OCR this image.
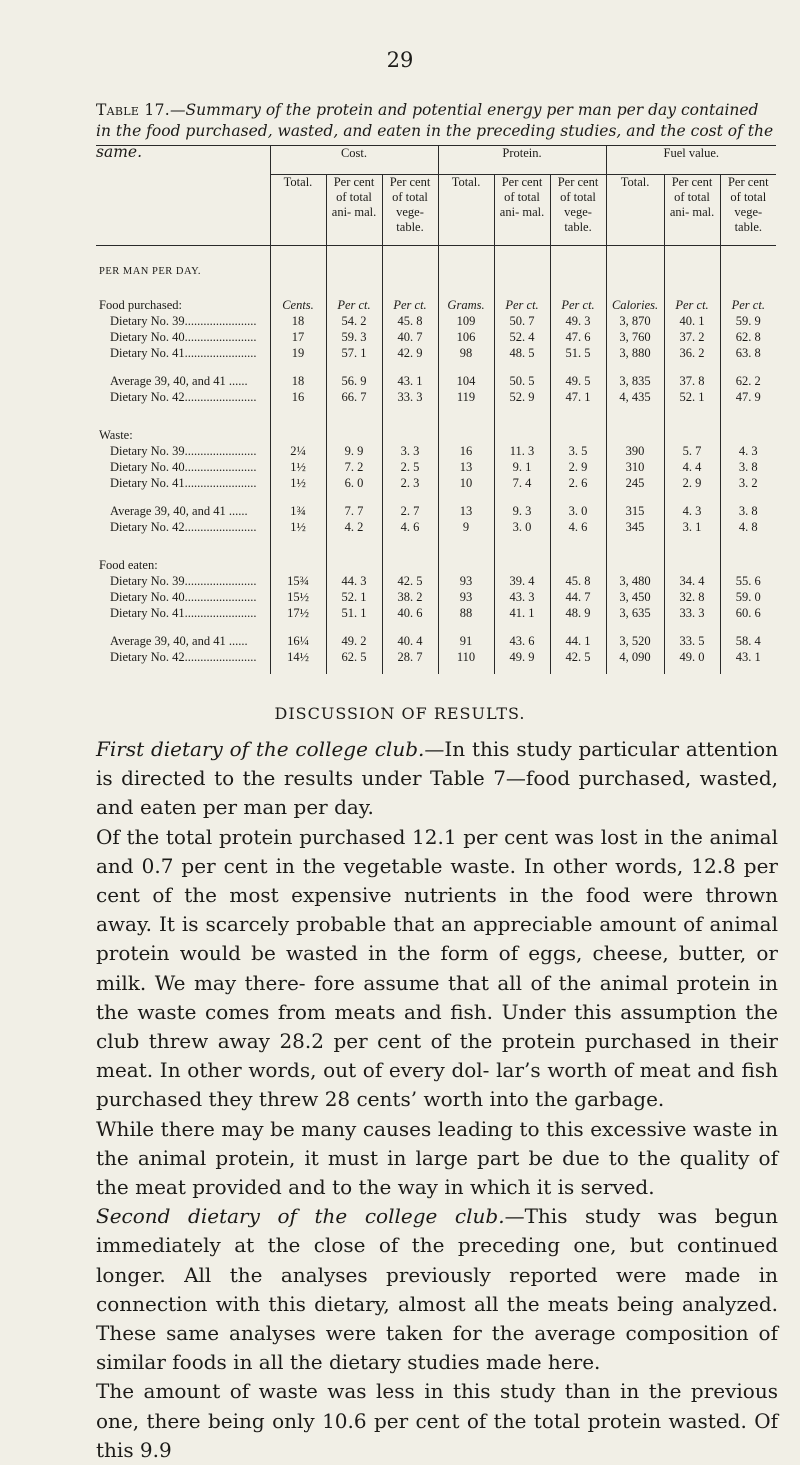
29
Table 17.—Summary of the protein and potential energy per man per day contained in the food purchased, wasted, and eaten in the preceding studies, and the cost of the same.
		Cost.			Protein.			Fuel value.		
	Total.	Per cent of total ani- mal.	Per cent of total vege- table.	Total.	Per cent of total ani- mal.	Per cent of total vege- table.	Total.	Per cent of total ani- mal.	Per cent of total vege- table.

PER MAN PER DAY.									

Food purchased:	Cents.	Per ct.	Per ct.	Grams.	Per ct.	Per ct.	Calories.	Per ct.	Per ct.
Dietary No. 39.......................	18	54. 2	45. 8	109	50. 7	49. 3	3, 870	40. 1	59. 9
Dietary No. 40.......................	17	59. 3	40. 7	106	52. 4	47. 6	3, 760	37. 2	62. 8
Dietary No. 41.......................	19	57. 1	42. 9	98	48. 5	51. 5	3, 880	36. 2	63. 8

Average 39, 40, and 41 ......	18	56. 9	43. 1	104	50. 5	49. 5	3, 835	37. 8	62. 2
Dietary No. 42.......................	16	66. 7	33. 3	119	52. 9	47. 1	4, 435	52. 1	47. 9

Waste:									
Dietary No. 39.......................	2¼	9. 9	3. 3	16	11. 3	3. 5	390	5. 7	4. 3
Dietary No. 40.......................	1½	7. 2	2. 5	13	9. 1	2. 9	310	4. 4	3. 8
Dietary No. 41.......................	1½	6. 0	2. 3	10	7. 4	2. 6	245	2. 9	3. 2

Average 39, 40, and 41 ......	1¾	7. 7	2. 7	13	9. 3	3. 0	315	4. 3	3. 8
Dietary No. 42.......................	1½	4. 2	4. 6	9	3. 0	4. 6	345	3. 1	4. 8

Food eaten:									
Dietary No. 39.......................	15¾	44. 3	42. 5	93	39. 4	45. 8	3, 480	34. 4	55. 6
Dietary No. 40.......................	15½	52. 1	38. 2	93	43. 3	44. 7	3, 450	32. 8	59. 0
Dietary No. 41.......................	17½	51. 1	40. 6	88	41. 1	48. 9	3, 635	33. 3	60. 6

Average 39, 40, and 41 ......	16¼	49. 2	40. 4	91	43. 6	44. 1	3, 520	33. 5	58. 4
Dietary No. 42.......................	14½	62. 5	28. 7	110	49. 9	42. 5	4, 090	49. 0	43. 1

DISCUSSION OF RESULTS.

First dietary of the college club.—In this study particular attention is directed to the results under Table 7—food purchased, wasted, and eaten per man per day.

Of the total protein purchased 12.1 per cent was lost in the animal and 0.7 per cent in the vegetable waste. In other words, 12.8 per cent of the most expensive nutrients in the food were thrown away. It is scarcely probable that an appreciable amount of animal protein would be wasted in the form of eggs, cheese, butter, or milk. We may there- fore assume that all of the animal protein in the waste comes from meats and fish. Under this assumption the club threw away 28.2 per cent of the protein purchased in their meat. In other words, out of every dol- lar’s worth of meat and fish purchased they threw 28 cents’ worth into the garbage.

While there may be many causes leading to this excessive waste in the animal protein, it must in large part be due to the quality of the meat provided and to the way in which it is served.

Second dietary of the college club.—This study was begun immediately at the close of the preceding one, but continued longer. All the analyses previously reported were made in connection with this dietary, almost all the meats being analyzed. These same analyses were taken for the average composition of similar foods in all the dietary studies made here.

The amount of waste was less in this study than in the previous one, there being only 10.6 per cent of the total protein wasted. Of this 9.9
